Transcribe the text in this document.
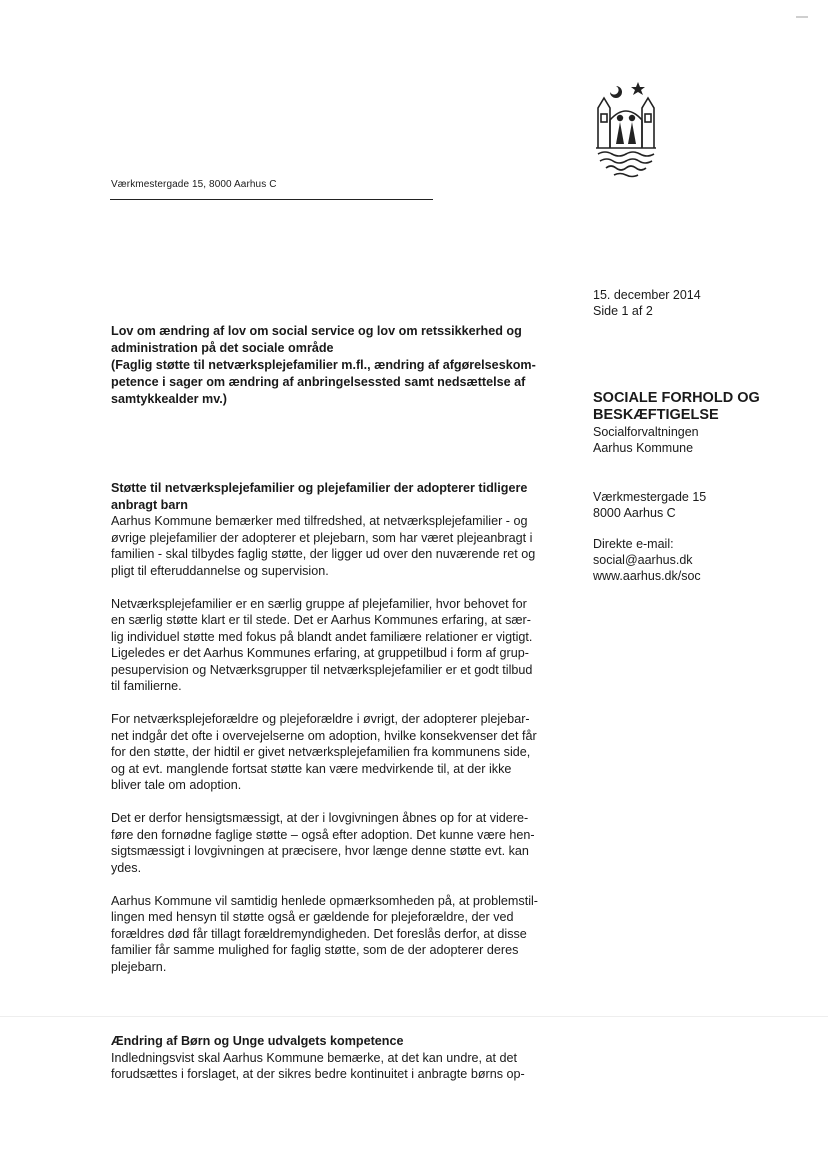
Værkmestergade 15, 8000 Aarhus C
15. december 2014
Side 1 af 2
SOCIALE FORHOLD OG
BESKÆFTIGELSE
Socialforvaltningen
Aarhus Kommune
Værkmestergade 15
8000 Aarhus C
Direkte e-mail:
social@aarhus.dk
www.aarhus.dk/soc
Lov om ændring af lov om social service og lov om retssikkerhed og
administration på det sociale område
(Faglig støtte til netværksplejefamilier m.fl., ændring af afgørelseskom-
petence i sager om ændring af anbringelsessted samt nedsættelse af
samtykkealder mv.)
Støtte til netværksplejefamilier og plejefamilier der adopterer tidligere
anbragt barn
Aarhus Kommune bemærker med tilfredshed, at netværksplejefamilier - og
øvrige plejefamilier der adopterer et plejebarn, som har været plejeanbragt i
familien - skal tilbydes faglig støtte, der ligger ud over den nuværende ret og
pligt til efteruddannelse og supervision.
Netværksplejefamilier er en særlig gruppe af plejefamilier, hvor behovet for
en særlig støtte klart er til stede. Det er Aarhus Kommunes erfaring, at sær-
lig individuel støtte med fokus på blandt andet familiære relationer er vigtigt.
Ligeledes er det Aarhus Kommunes erfaring, at gruppetilbud i form af grup-
pesupervision og Netværksgrupper til netværksplejefamilier er et godt tilbud
til familierne.
For netværksplejeforældre og plejeforældre i øvrigt, der adopterer plejebar-
net indgår det ofte i overvejelserne om adoption, hvilke konsekvenser det får
for den støtte, der hidtil er givet netværksplejefamilien fra kommunens side,
og at evt. manglende fortsat støtte kan være medvirkende til, at der ikke
bliver tale om adoption.
Det er derfor hensigtsmæssigt, at der i lovgivningen åbnes op for at videre-
føre den fornødne faglige støtte – også efter adoption. Det kunne være hen-
sigtsmæssigt i lovgivningen at præcisere, hvor længe denne støtte evt. kan
ydes.
Aarhus Kommune vil samtidig henlede opmærksomheden på, at problemstil-
lingen med hensyn til støtte også er gældende for plejeforældre, der ved
forældres død får tillagt forældremyndigheden. Det foreslås derfor, at disse
familier får samme mulighed for faglig støtte, som de der adopterer deres
plejebarn.
Ændring af Børn og Unge udvalgets kompetence
Indledningsvist skal Aarhus Kommune bemærke, at det kan undre, at det
forudsættes i forslaget, at der sikres bedre kontinuitet i anbragte børns op-
